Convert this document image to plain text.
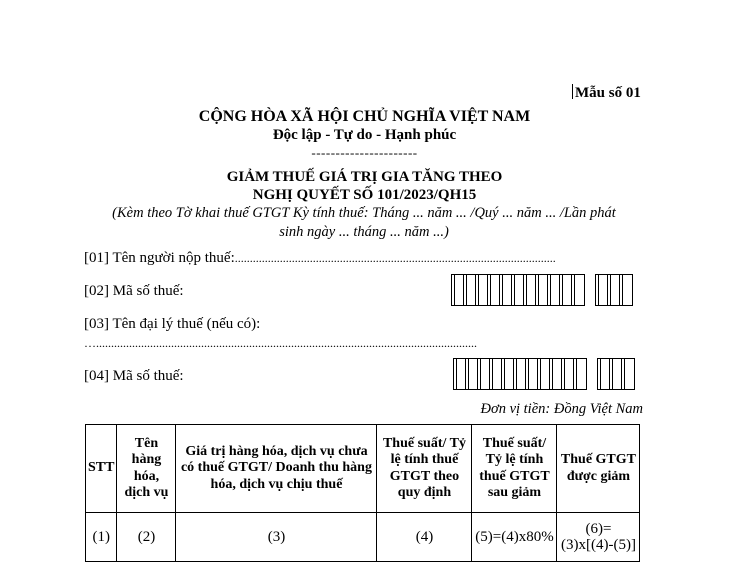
Mẫu số 01
CỘNG HÒA XÃ HỘI CHỦ NGHĨA VIỆT NAM
Độc lập - Tự do - Hạnh phúc
----------------------
GIẢM THUẾ GIÁ TRỊ GIA TĂNG THEO
NGHỊ QUYẾT SỐ 101/2023/QH15
(Kèm theo Tờ khai thuế GTGT Kỳ tính thuế: Tháng ... năm ... /Quý ... năm ... /Lần phát
sinh ngày ... tháng ... năm ...)
[01] Tên người nộp thuế:...........................................................................................................
[02] Mã số thuế:
[03] Tên đại lý thuế (nếu có):
…...............................................................................................................................
[04] Mã số thuế:
Đơn vị tiền: Đồng Việt Nam
STT	Tên hàng hóa, dịch vụ	Giá trị hàng hóa, dịch vụ chưa có thuế GTGT/ Doanh thu hàng hóa, dịch vụ chịu thuế	Thuế suất/ Tỷ lệ tính thuế GTGT theo quy định	Thuế suất/ Tỷ lệ tính thuế GTGT sau giảm	Thuế GTGT được giảm
(1)	(2)	(3)	(4)	(5)=(4)x80%	(6)=(3)x[(4)-(5)]
